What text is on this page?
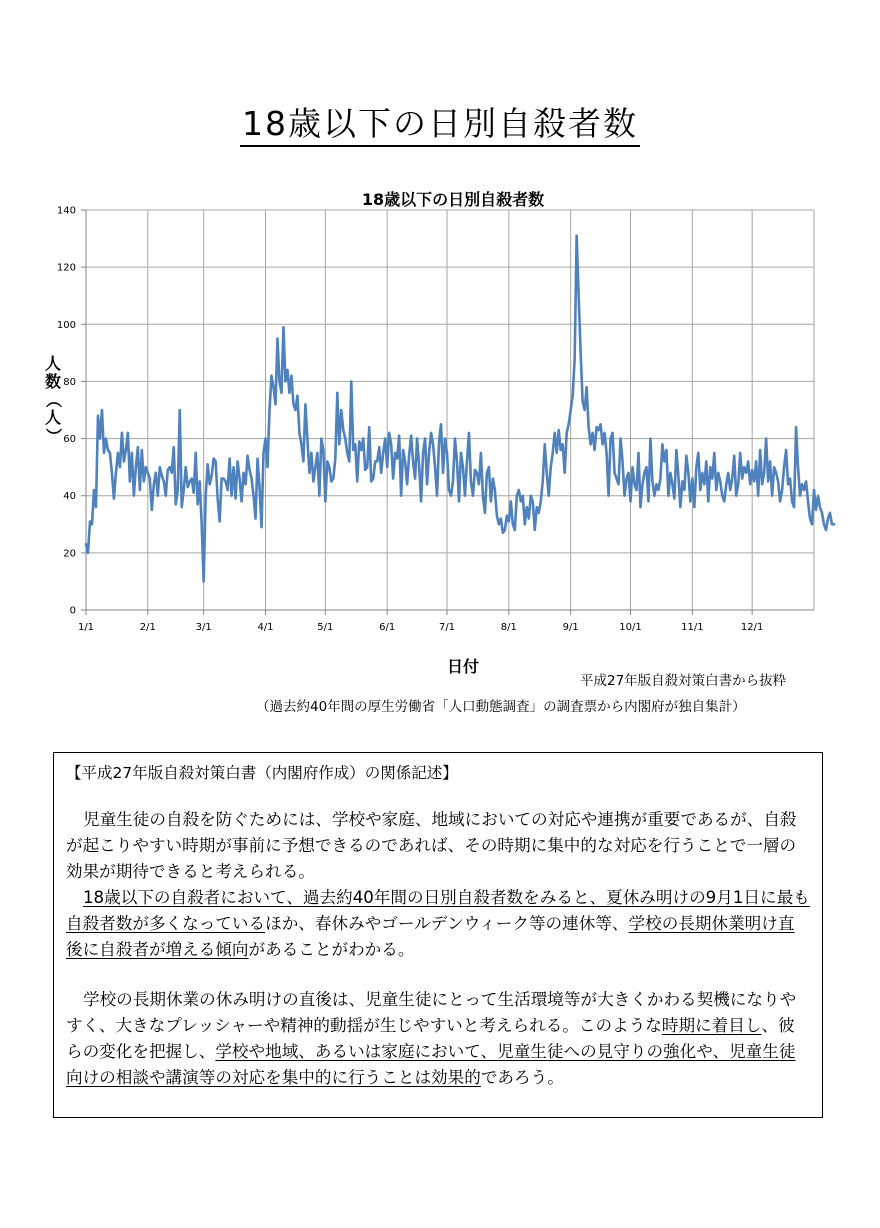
18歳以下の日別自殺者数
0
20
40
60
80
100
120
140
1/1	2/1	3/1	4/1	5/1	6/1	7/1	8/1	9/1	10/1	11/1	12/1
18歳以下の日別自殺者数
日付
人
数
（
人
）
平成27年版自殺対策白書から抜粋
（過去約40年間の厚生労働省「人口動態調査」の調査票から内閣府が独自集計）
【平成27年版自殺対策白書（内閣府作成）の関係記述】

児童生徒の自殺を防ぐためには、学校や家庭、地域においての対応や連携が重要であるが、自殺が起こりやすい時期が事前に予想できるのであれば、その時期に集中的な対応を行うことで一層の効果が期待できると考えられる。

18歳以下の自殺者において、過去約40年間の日別自殺者数をみると、夏休み明けの9月1日に最も自殺者数が多くなっているほか、春休みやゴールデンウィーク等の連休等、学校の長期休業明け直後に自殺者が増える傾向があることがわかる。

学校の長期休業の休み明けの直後は、児童生徒にとって生活環境等が大きくかわる契機になりやすく、大きなプレッシャーや精神的動揺が生じやすいと考えられる。このような時期に着目し、彼らの変化を把握し、学校や地域、あるいは家庭において、児童生徒への見守りの強化や、児童生徒向けの相談や講演等の対応を集中的に行うことは効果的であろう。
